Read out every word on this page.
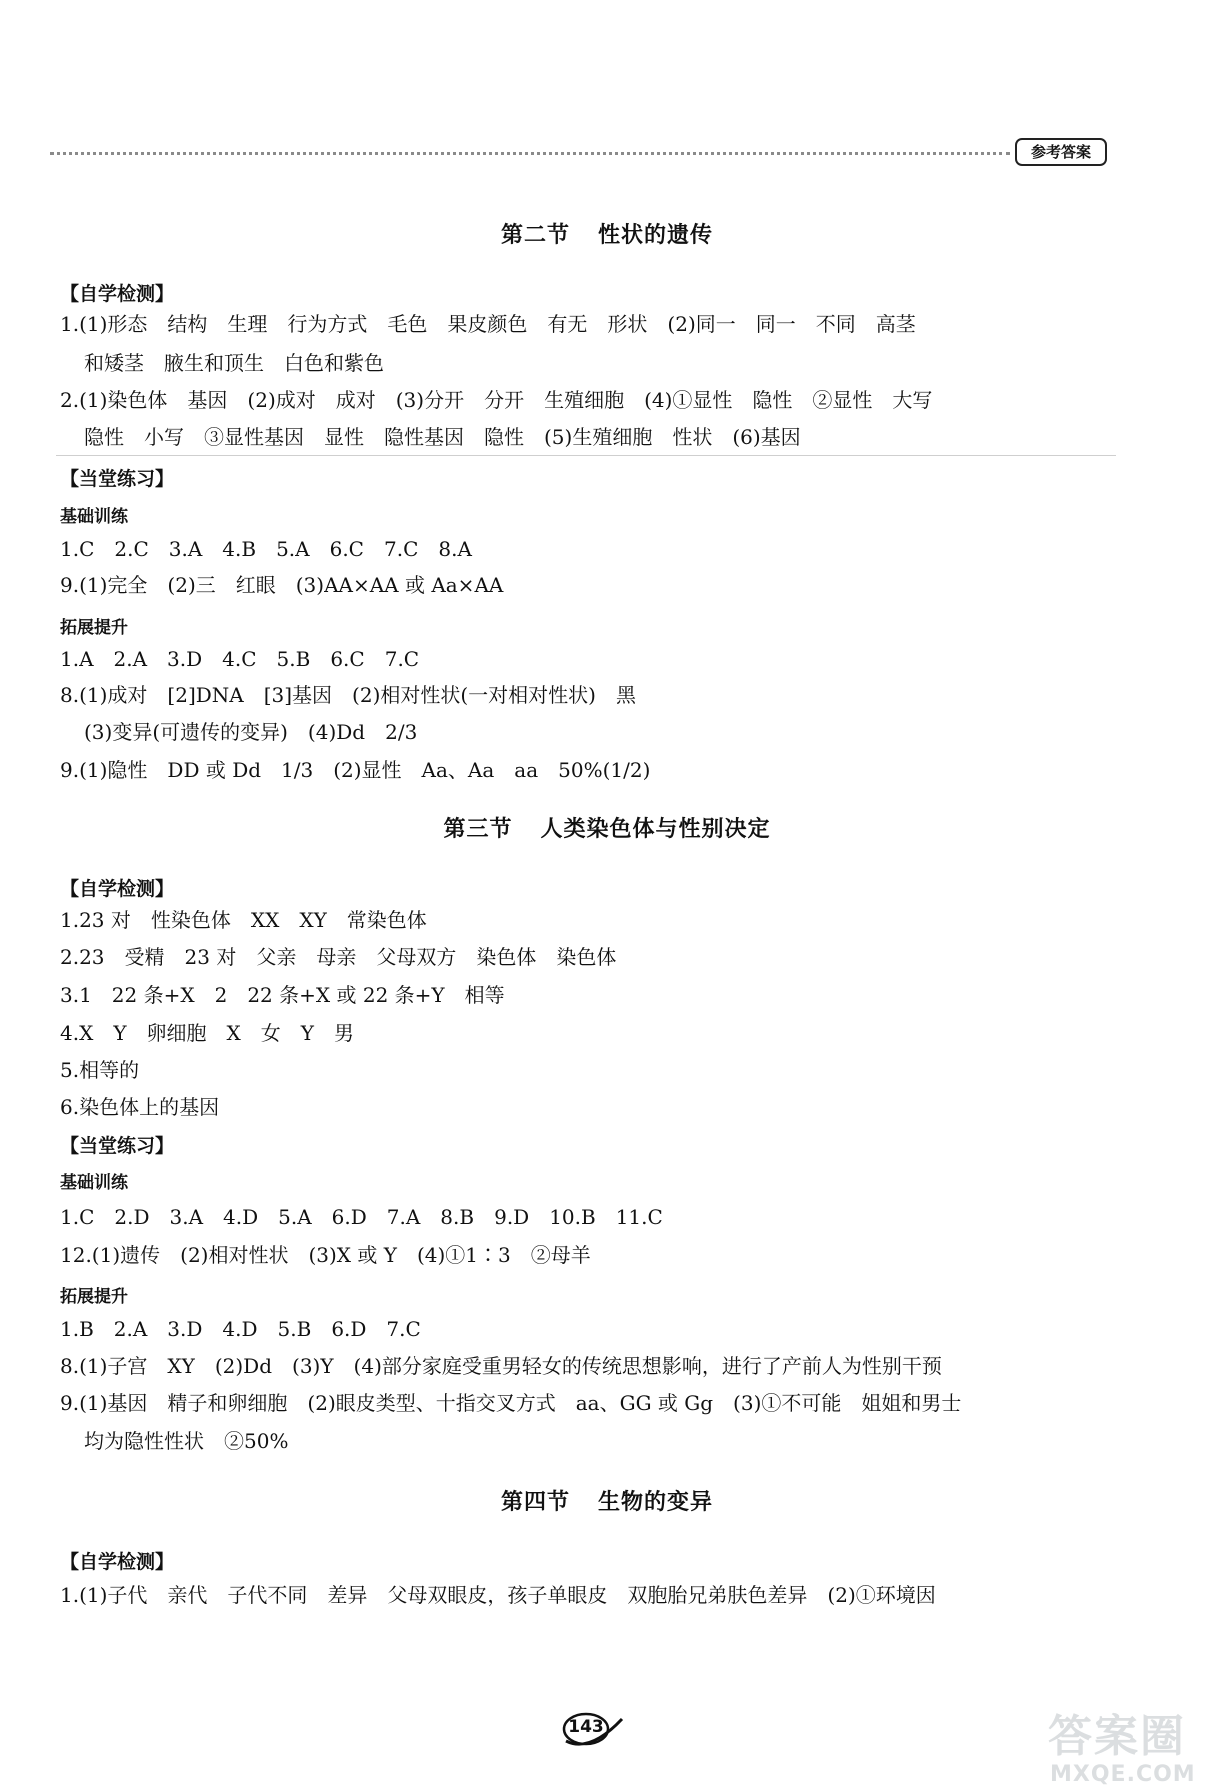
参考答案
第二节 性状的遗传
【自学检测】
1.(1)形态　结构　生理　行为方式　毛色　果皮颜色　有无　形状　(2)同一　同一　不同　高茎
和矮茎　腋生和顶生　白色和紫色
2.(1)染色体　基因　(2)成对　成对　(3)分开　分开　生殖细胞　(4)①显性　隐性　②显性　大写
隐性　小写　③显性基因　显性　隐性基因　隐性　(5)生殖细胞　性状　(6)基因
【当堂练习】
基础训练
1.C　2.C　3.A　4.B　5.A　6.C　7.C　8.A
9.(1)完全　(2)三　红眼　(3)AA×AA 或 Aa×AA
拓展提升
1.A　2.A　3.D　4.C　5.B　6.C　7.C
8.(1)成对　[2]DNA　[3]基因　(2)相对性状(一对相对性状)　黑
(3)变异(可遗传的变异)　(4)Dd　2/3
9.(1)隐性　DD 或 Dd　1/3　(2)显性　Aa、Aa　aa　50%(1/2)
第三节 人类染色体与性别决定
【自学检测】
1.23 对　性染色体　XX　XY　常染色体
2.23　受精　23 对　父亲　母亲　父母双方　染色体　染色体
3.1　22 条+X　2　22 条+X 或 22 条+Y　相等
4.X　Y　卵细胞　X　女　Y　男
5.相等的
6.染色体上的基因
【当堂练习】
基础训练
1.C　2.D　3.A　4.D　5.A　6.D　7.A　8.B　9.D　10.B　11.C
12.(1)遗传　(2)相对性状　(3)X 或 Y　(4)①1∶3　②母羊
拓展提升
1.B　2.A　3.D　4.D　5.B　6.D　7.C
8.(1)子宫　XY　(2)Dd　(3)Y　(4)部分家庭受重男轻女的传统思想影响，进行了产前人为性别干预
9.(1)基因　精子和卵细胞　(2)眼皮类型、十指交叉方式　aa、GG 或 Gg　(3)①不可能　姐姐和男士
均为隐性性状　②50%
第四节 生物的变异
【自学检测】
1.(1)子代　亲代　子代不同　差异　父母双眼皮，孩子单眼皮　双胞胎兄弟肤色差异　(2)①环境因
143	答案圈
MXQE.COM
